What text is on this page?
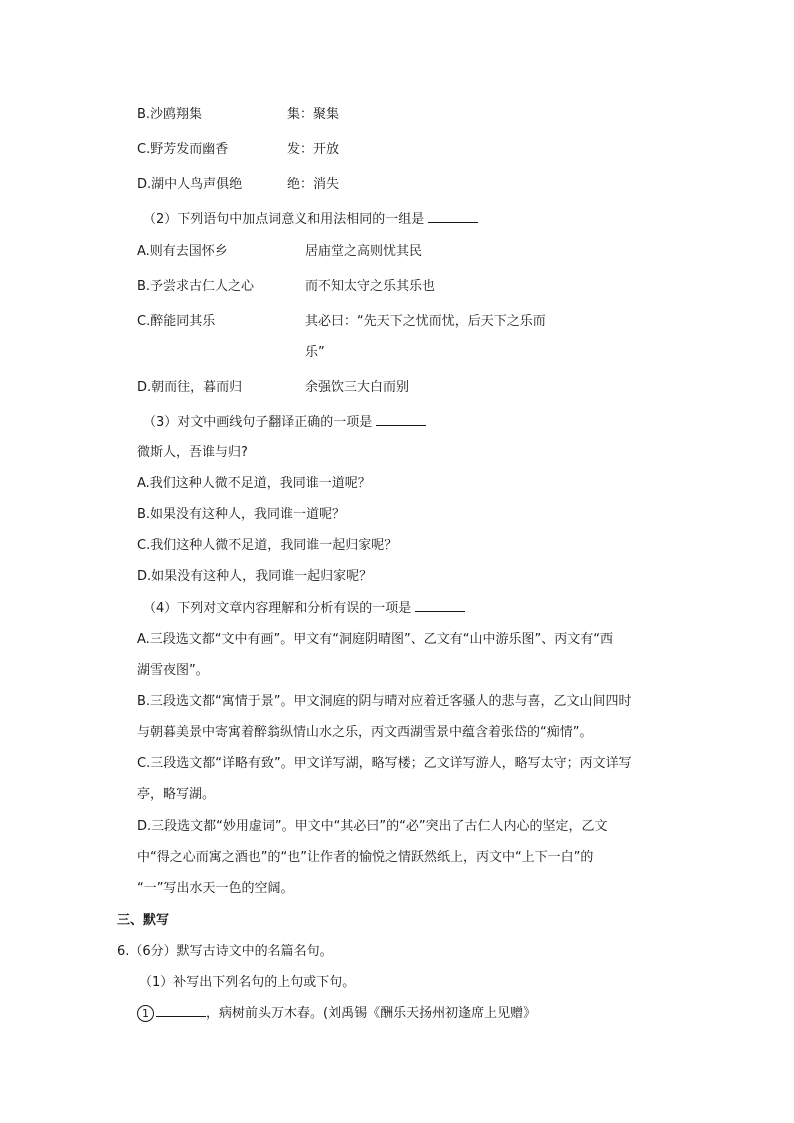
B.沙鸥翔集	集：聚集
C.野芳发而幽香	发：开放
D.湖中人鸟声俱绝	绝：消失
（2）下列语句中加点词意义和用法相同的一组是
A.则有去国怀乡	居庙堂之高则忧其民
B.予尝求古仁人之心	而不知太守之乐其乐也
C.醉能同其乐	其必曰：“先天下之忧而忧，后天下之乐而
乐”
D.朝而往，暮而归	余强饮三大白而别
（3）对文中画线句子翻译正确的一项是
微斯人，吾谁与归?
A.我们这种人微不足道，我同谁一道呢？
B.如果没有这种人，我同谁一道呢？
C.我们这种人微不足道，我同谁一起归家呢？
D.如果没有这种人，我同谁一起归家呢？
（4）下列对文章内容理解和分析有误的一项是
A.三段选文都“文中有画”。甲文有“洞庭阴晴图”、乙文有“山中游乐图”、丙文有“西
湖雪夜图”。
B.三段选文都“寓情于景”。甲文洞庭的阴与晴对应着迁客骚人的悲与喜，乙文山间四时
与朝暮美景中寄寓着醉翁纵情山水之乐，丙文西湖雪景中蕴含着张岱的“痴情”。
C.三段选文都“详略有致”。甲文详写湖，略写楼；乙文详写游人，略写太守；丙文详写
亭，略写湖。
D.三段选文都“妙用虚词”。甲文中“其必曰”的“必”突出了古仁人内心的坚定，乙文
中“得之心而寓之酒也”的“也”让作者的愉悦之情跃然纸上，丙文中“上下一白”的
“一”写出水天一色的空阔。
三、默写
6.（6分）默写古诗文中的名篇名句。
（1）补写出下列名句的上句或下句。
1	，病树前头万木春。(刘禹锡《酬乐天扬州初逢席上见赠》
